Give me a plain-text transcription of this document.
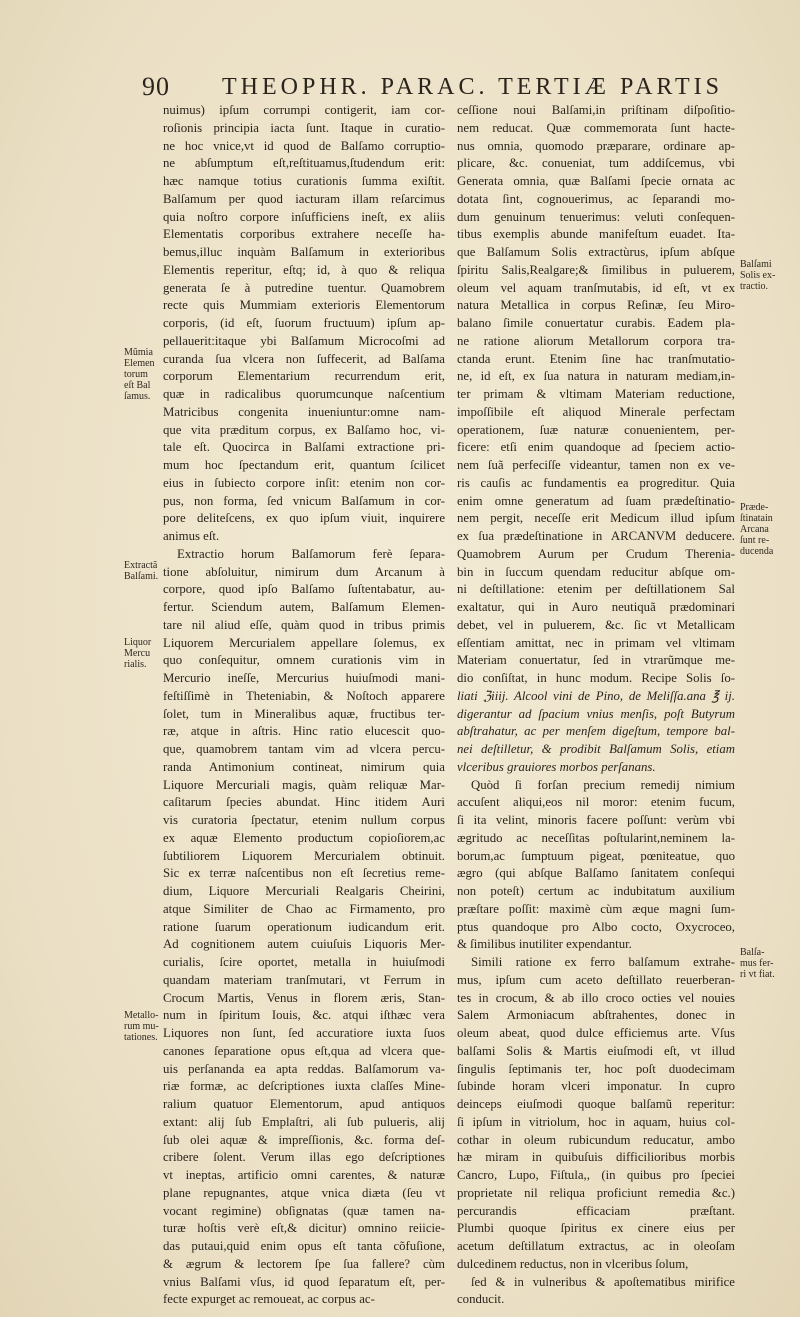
90 THEOPHR. PARAC. TERTIÆ PARTIS
Mũmia
Elemen
torum
eſt Bal
ſamus.
Extractã
Balſami.
Liquor
Mercu
rialis.
Metallo-
rum mu-
tationes.
Balſami
Solis ex-
tractio.
Præde-
ſtinatain
Arcana
ſunt re-
ducenda
Balſa-
mus fer-
ri vt fiat.
nuimus) ipſum corrumpi contigerit, iam cor-
roſionis principia iacta ſunt. Itaque in curatio-
ne hoc vnice,vt id quod de Balſamo corruptio-
ne abſumptum eſt,reſtituamus,ſtudendum erit:
hæc namque totius curationis ſumma exiſtit.
Balſamum per quod iacturam illam reſarcimus
quia noſtro corpore inſufficiens ineſt, ex aliis
Elementatis corporibus extrahere neceſſe ha-
bemus,illuc inquàm Balſamum in exterioribus
Elementis reperitur, eſtq; id, à quo & reliqua
generata ſe à putredine tuentur. Quamobrem
recte quis Mummiam exterioris Elementorum
corporis, (id eſt, ſuorum fructuum) ipſum ap-
pellauerit:itaque ybi Balſamum Microcoſmi ad
curanda ſua vlcera non ſuffecerit, ad Balſama
corporum Elementarium recurrendum erit,
quæ in radicalibus quorumcunque naſcentium
Matricibus congenita inueniuntur:omne nam-
que vita præditum corpus, ex Balſamo hoc, vi-
tale eſt. Quocirca in Balſami extractione pri-
mum hoc ſpectandum erit, quantum ſcilicet
eius in ſubiecto corpore inſit: etenim non cor-
pus, non forma, ſed vnicum Balſamum in cor-
pore deliteſcens, ex quo ipſum viuit, inquirere
animus eſt.
Extractio horum Balſamorum ferè ſepara-
tione abſoluitur, nimirum dum Arcanum à
corpore, quod ipſo Balſamo ſuſtentabatur, au-
fertur. Sciendum autem, Balſamum Elemen-
tare nil aliud eſſe, quàm quod in tribus primis
Liquorem Mercurialem appellare ſolemus, ex
quo conſequitur, omnem curationis vim in
Mercurio ineſſe, Mercurius huiuſmodi mani-
feſtiſſimè in Theteniabin, & Noſtoch apparere
ſolet, tum in Mineralibus aquæ, fructibus ter-
ræ, atque in aſtris. Hinc ratio elucescit quo-
que, quamobrem tantam vim ad vlcera percu-
randa Antimonium contineat, nimirum quia
Liquore Mercuriali magis, quàm reliquæ Mar-
caſitarum ſpecies abundat. Hinc itidem Auri
vis curatoria ſpectatur, etenim nullum corpus
ex aquæ Elemento productum copioſiorem,ac
ſubtiliorem Liquorem Mercurialem obtinuit.
Sic ex terræ naſcentibus non eſt ſecretius reme-
dium, Liquore Mercuriali Realgaris Cheirini,
atque Similiter de Chao ac Firmamento, pro
ratione ſuarum operationum iudicandum erit.
Ad cognitionem autem cuiuſuis Liquoris Mer-
curialis, ſcire oportet, metalla in huiuſmodi
quandam materiam tranſmutari, vt Ferrum in
Crocum Martis, Venus in florem æris, Stan-
num in ſpiritum Iouis, &c. atqui iſthæc vera
Liquores non ſunt, ſed accuratiore iuxta ſuos
canones ſeparatione opus eſt,qua ad vlcera que-
uis perſananda ea apta reddas. Balſamorum va-
riæ formæ, ac deſcriptiones iuxta claſſes Mine-
ralium quatuor Elementorum, apud antiquos
extant: alij ſub Emplaſtri, ali ſub pulueris, alij
ſub olei aquæ & impreſſionis, &c. forma deſ-
cribere ſolent. Verum illas ego deſcriptiones
vt ineptas, artificio omni carentes, & naturæ
plane repugnantes, atque vnica diæta (ſeu vt
vocant regimine) obſignatas (quæ tamen na-
turæ hoſtis verè eſt,& dicitur) omnino reiicie-
das putaui,quid enim opus eſt tanta cõfuſione,
& ægrum & lectorem ſpe ſua fallere? cùm
vnius Balſami vſus, id quod ſeparatum eſt, per-
fecte expurget ac remoueat, ac corpus ac-
ceſſione noui Balſami,in priſtinam diſpoſitio-
nem reducat. Quæ commemorata ſunt hacte-
nus omnia, quomodo præparare, ordinare ap-
plicare, &c. conueniat, tum addiſcemus, vbi
Generata omnia, quæ Balſami ſpecie ornata ac
dotata ſint, cognouerimus, ac ſeparandi mo-
dum genuinum tenuerimus: veluti conſequen-
tibus exemplis abunde manifeſtum euadet. Ita-
que Balſamum Solis extractùrus, ipſum abſque
ſpiritu Salis,Realgare;& ſimilibus in puluerem,
oleum vel aquam tranſmutabis, id eſt, vt ex
natura Metallica in corpus Reſinæ, ſeu Miro-
balano ſimile conuertatur curabis. Eadem pla-
ne ratione aliorum Metallorum corpora tra-
ctanda erunt. Etenim ſine hac tranſmutatio-
ne, id eſt, ex ſua natura in naturam mediam,in-
ter primam & vltimam Materiam reductione,
impoſſibile eſt aliquod Minerale perfectam
operationem, ſuæ naturæ conuenientem, per-
ficere: etſi enim quandoque ad ſpeciem actio-
nem ſuã perfeciſſe videantur, tamen non ex ve-
ris cauſis ac fundamentis ea progreditur. Quia
enim omne generatum ad ſuam prædeſtinatio-
nem pergit, neceſſe erit Medicum illud ipſum
ex ſua prædeſtinatione in ARCANVM deducere.
Quamobrem Aurum per Crudum Therenia-
bin in ſuccum quendam reducitur abſque om-
ni deſtillatione: etenim per deſtillationem Sal
exaltatur, qui in Auro neutiquã prædominari
debet, vel in puluerem, &c. ſic vt Metallicam
eſſentiam amittat, nec in primam vel vltimam
Materiam conuertatur, ſed in vtrarũmque me-
dio conſiſtat, in hunc modum. Recipe Solis ſo-
liati ℨiiij. Alcool vini de Pino, de Meliſſa.ana ℥ ij.
digerantur ad ſpacium vnius menſis, poſt Butyrum
abſtrahatur, ac per menſem digeſtum, tempore bal-
nei deſtilletur, & prodibit Balſamum Solis, etiam
vlceribus grauiores morbos perſanans.
Quòd ſi forſan precium remedij nimium
accuſent aliqui,eos nil moror: etenim fucum,
ſi ita velint, minoris facere poſſunt: verùm vbi
ægritudo ac neceſſitas poſtularint,neminem la-
borum,ac ſumptuum pigeat, pœniteatue, quo
ægro (qui abſque Balſamo ſanitatem conſequi
non poteſt) certum ac indubitatum auxilium
præſtare poſſit: maximè cùm æque magni ſum-
ptus quandoque pro Albo cocto, Oxycroceo,
& ſimilibus inutiliter expendantur.
Simili ratione ex ferro balſamum extrahe-
mus, ipſum cum aceto deſtillato reuerberan-
tes in crocum, & ab illo croco octies vel nouies
Salem Armoniacum abſtrahentes, donec in
oleum abeat, quod dulce efficiemus arte. Vſus
balſami Solis & Martis eiuſmodi eſt, vt illud
ſingulis ſeptimanis ter, hoc poſt duodecimam
ſubinde horam vlceri imponatur. In cupro
deinceps eiuſmodi quoque balſamũ reperitur:
ſi ipſum in vitriolum, hoc in aquam, huius col-
cothar in oleum rubicundum reducatur, ambo
hæ miram in quibuſuis difficilioribus morbis
Cancro, Lupo, Fiſtula,, (in quibus pro ſpeciei
proprietate nil reliqua proficiunt remedia &c.)
percurandis efficaciam præſtant.
Plumbi quoque ſpiritus ex cinere eius per
acetum deſtillatum extractus, ac in oleoſam
dulcedinem reductus, non in vlceribus ſolum,
ſed & in vulneribus & apoſtematibus mirifice
conducit.
